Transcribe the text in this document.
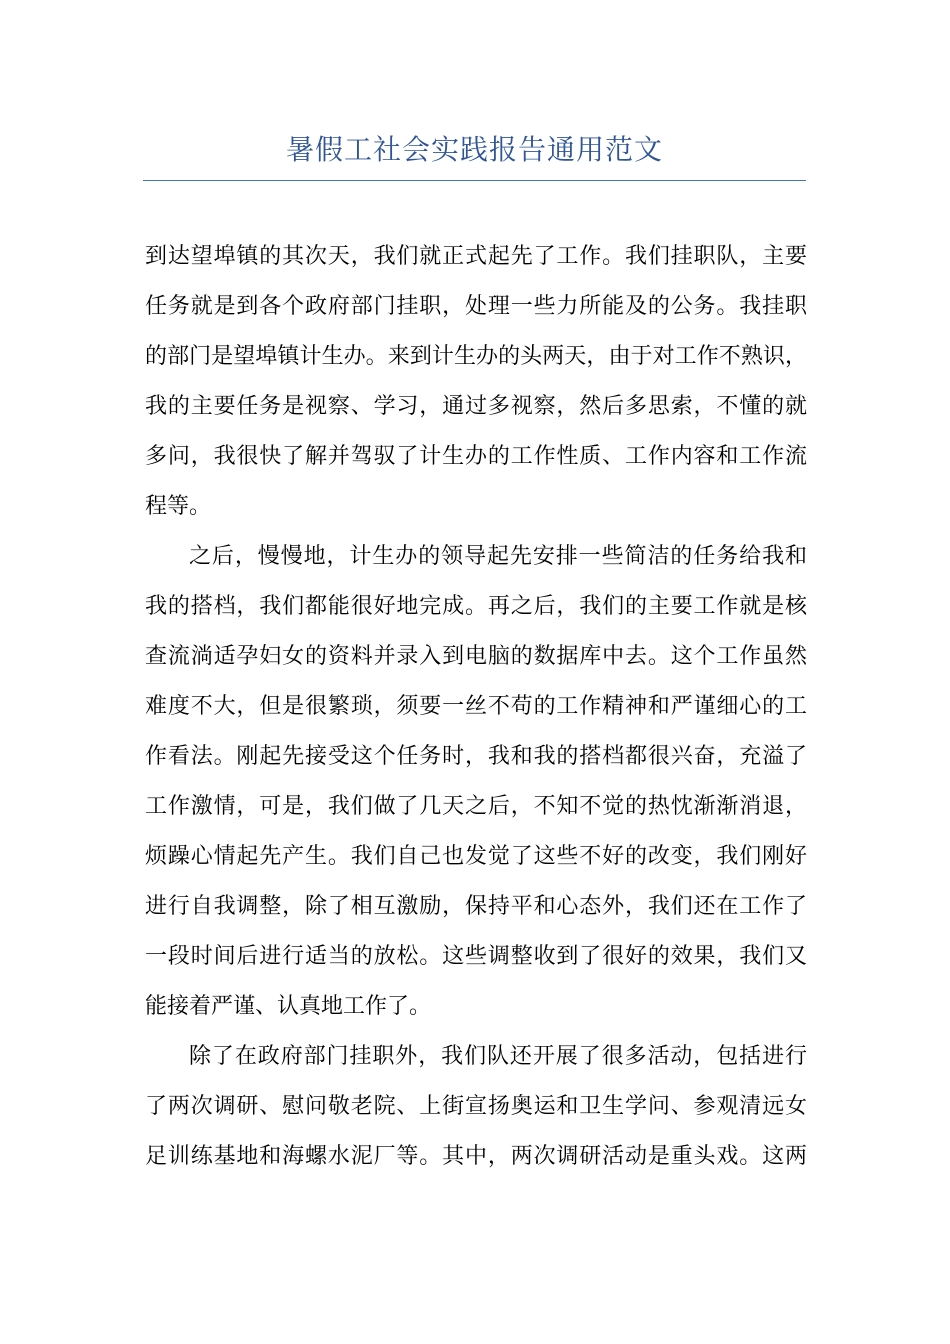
暑假工社会实践报告通用范文
到达望埠镇的其次天，我们就正式起先了工作。我们挂职队，主要
任务就是到各个政府部门挂职，处理一些力所能及的公务。我挂职
的部门是望埠镇计生办。来到计生办的头两天，由于对工作不熟识，
我的主要任务是视察、学习，通过多视察，然后多思索，不懂的就
多问，我很快了解并驾驭了计生办的工作性质、工作内容和工作流
程等。
之后，慢慢地，计生办的领导起先安排一些简洁的任务给我和
我的搭档，我们都能很好地完成。再之后，我们的主要工作就是核
查流淌适孕妇女的资料并录入到电脑的数据库中去。这个工作虽然
难度不大，但是很繁琐，须要一丝不苟的工作精神和严谨细心的工
作看法。刚起先接受这个任务时，我和我的搭档都很兴奋，充溢了
工作激情，可是，我们做了几天之后，不知不觉的热忱渐渐消退，
烦躁心情起先产生。我们自己也发觉了这些不好的改变，我们刚好
进行自我调整，除了相互激励，保持平和心态外，我们还在工作了
一段时间后进行适当的放松。这些调整收到了很好的效果，我们又
能接着严谨、认真地工作了。
除了在政府部门挂职外，我们队还开展了很多活动，包括进行
了两次调研、慰问敬老院、上街宣扬奥运和卫生学问、参观清远女
足训练基地和海螺水泥厂等。其中，两次调研活动是重头戏。这两
